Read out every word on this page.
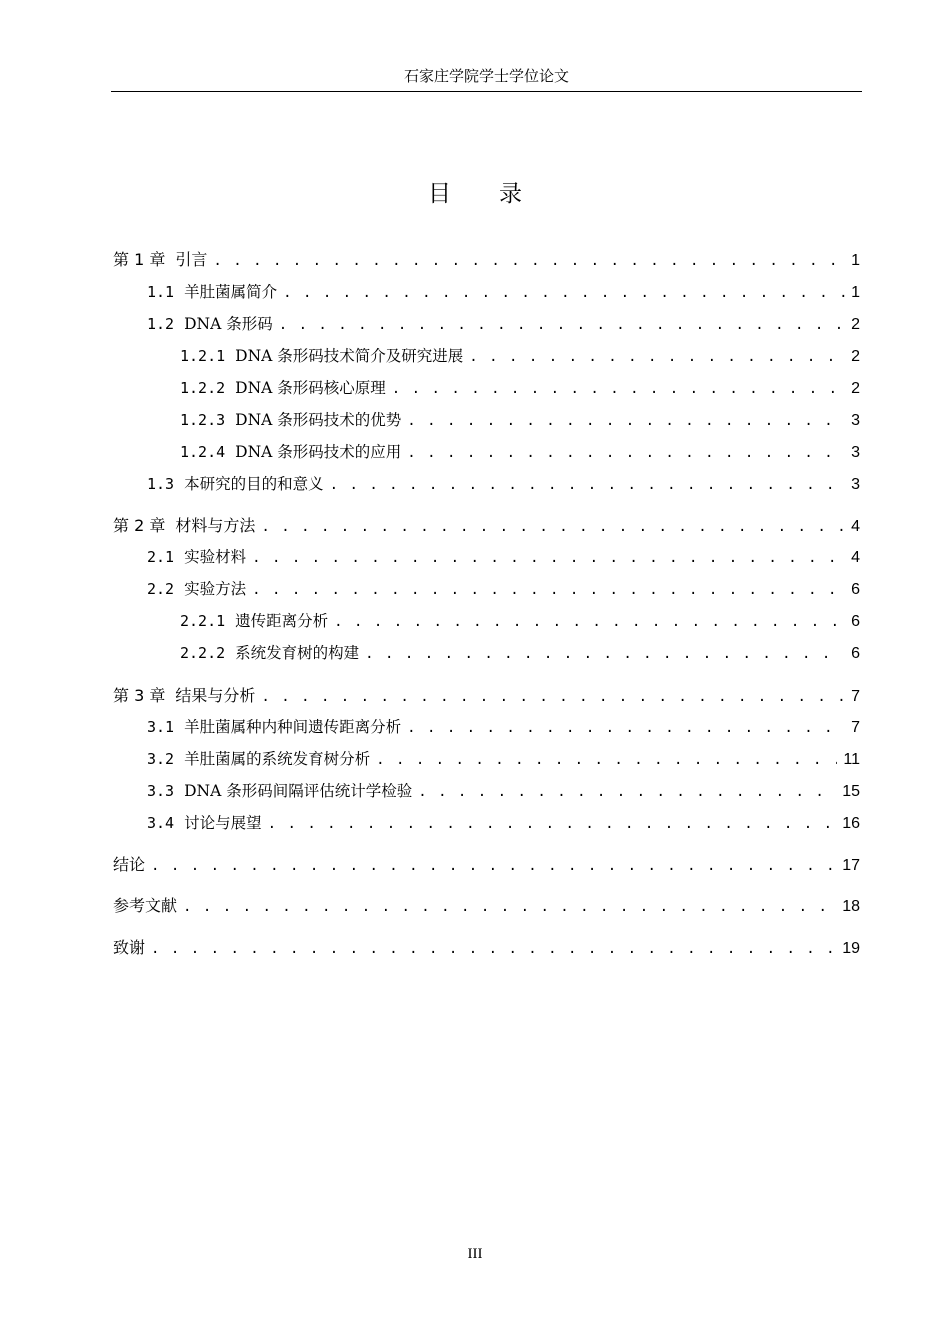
石家庄学院学士学位论文
目录
第 1 章 引言 . . .	1
1.1 羊肚菌属简介 . . .	1
1.2 DNA 条形码 . . .	2
1.2.1 DNA 条形码技术简介及研究进展 . . .	2
1.2.2 DNA 条形码核心原理 . . .	2
1.2.3 DNA 条形码技术的优势 . . .	3
1.2.4 DNA 条形码技术的应用 . . .	3
1.3 本研究的目的和意义 . . .	3
第 2 章 材料与方法 . . .	4
2.1 实验材料 . . .	4
2.2 实验方法 . . .	6
2.2.1 遗传距离分析 . . .	6
2.2.2 系统发育树的构建 . . .	6
第 3 章 结果与分析 . . .	7
3.1 羊肚菌属种内种间遗传距离分析 . . .	7
3.2 羊肚菌属的系统发育树分析 . . .	11
3.3 DNA 条形码间隔评估统计学检验 . . .	15
3.4 讨论与展望 . . .	16
结论 . . .	17
参考文献 . . .	18
致谢 . . .	19
III
